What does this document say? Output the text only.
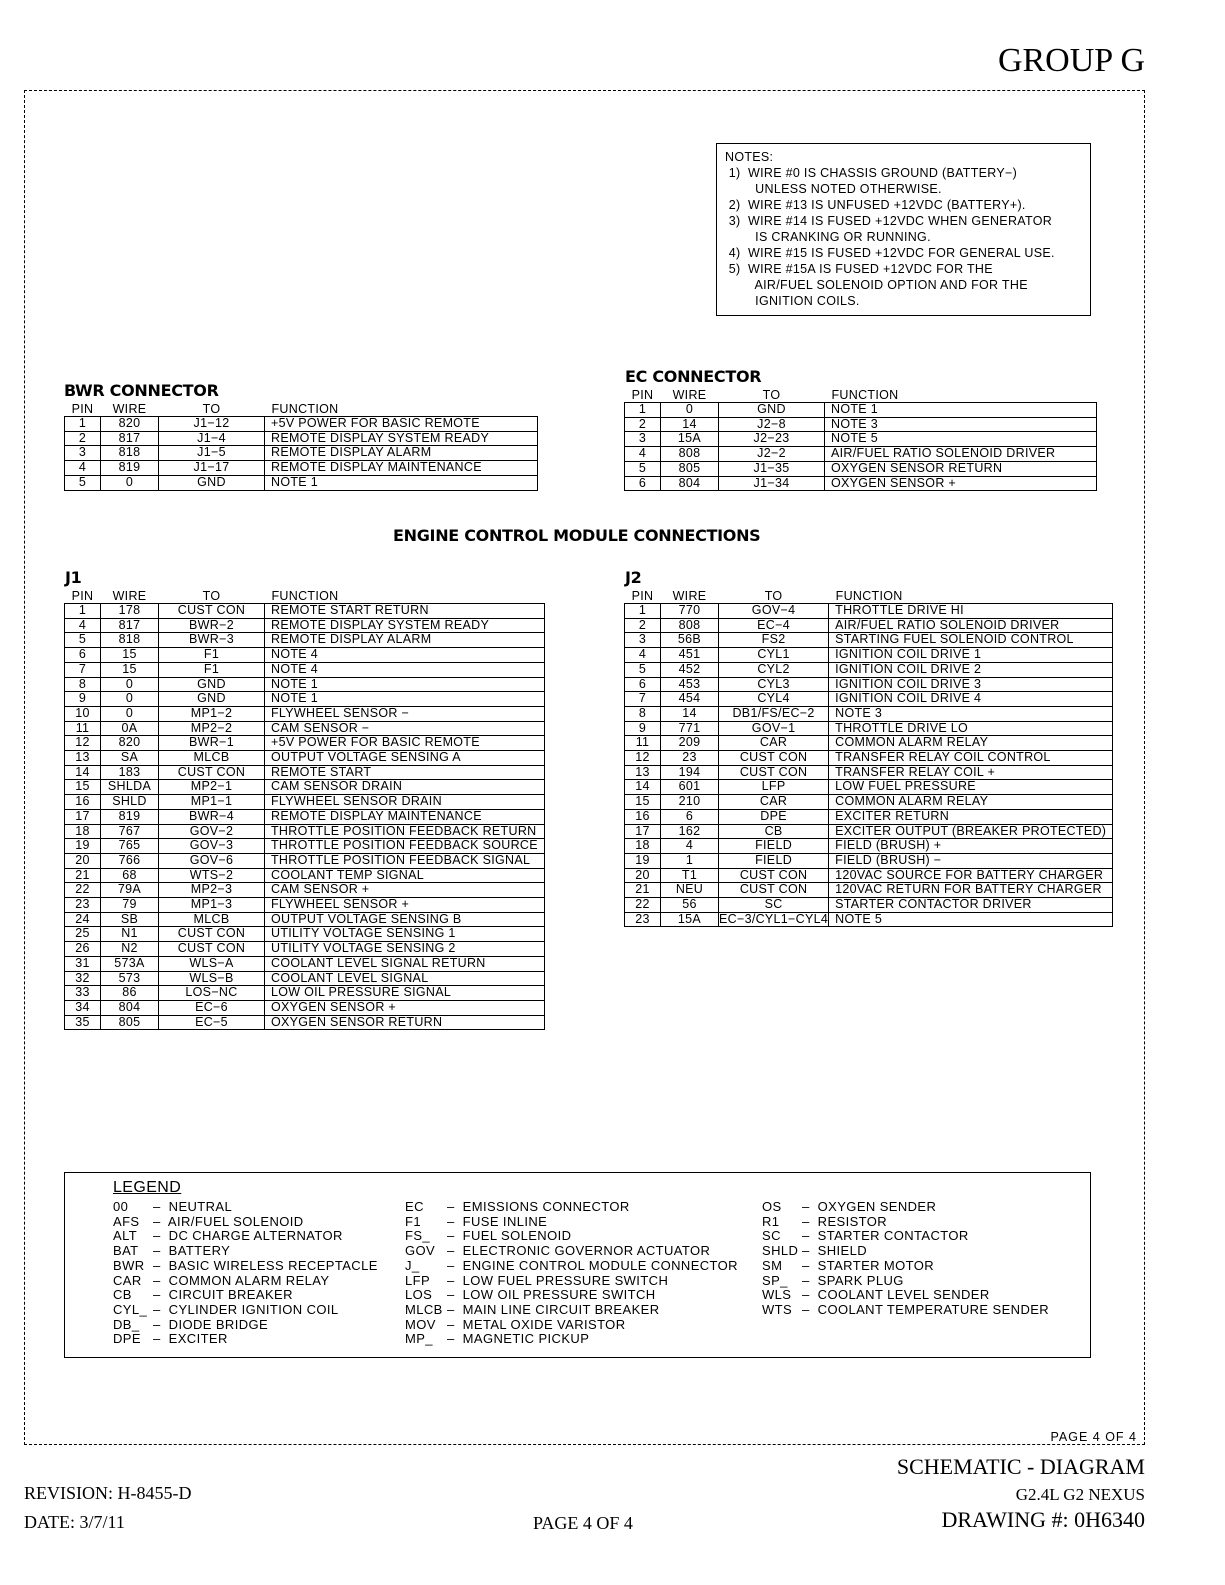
GROUP G
NOTES:
1)  WIRE #0 IS CHASSIS GROUND (BATTERY−)
UNLESS NOTED OTHERWISE.
2)  WIRE #13 IS UNFUSED +12VDC (BATTERY+).
3)  WIRE #14 IS FUSED +12VDC WHEN GENERATOR
IS CRANKING OR RUNNING.
4)  WIRE #15 IS FUSED +12VDC FOR GENERAL USE.
5)  WIRE #15A IS FUSED +12VDC FOR THE
AIR/FUEL SOLENOID OPTION AND FOR THE
IGNITION COILS.
BWR CONNECTOR
PIN	WIRE	TO	FUNCTION
1	820	J1−12	+5V POWER FOR BASIC REMOTE
2	817	J1−4	REMOTE DISPLAY SYSTEM READY
3	818	J1−5	REMOTE DISPLAY ALARM
4	819	J1−17	REMOTE DISPLAY MAINTENANCE
5	0	GND	NOTE 1
EC CONNECTOR
PIN	WIRE	TO	FUNCTION
1	0	GND	NOTE 1
2	14	J2−8	NOTE 3
3	15A	J2−23	NOTE 5
4	808	J2−2	AIR/FUEL RATIO SOLENOID DRIVER
5	805	J1−35	OXYGEN SENSOR RETURN
6	804	J1−34	OXYGEN SENSOR +
ENGINE CONTROL MODULE CONNECTIONS
J1
PIN	WIRE	TO	FUNCTION
1	178	CUST CON	REMOTE START RETURN
4	817	BWR−2	REMOTE DISPLAY SYSTEM READY
5	818	BWR−3	REMOTE DISPLAY ALARM
6	15	F1	NOTE 4
7	15	F1	NOTE 4
8	0	GND	NOTE 1
9	0	GND	NOTE 1
10	0	MP1−2	FLYWHEEL SENSOR −
11	0A	MP2−2	CAM SENSOR −
12	820	BWR−1	+5V POWER FOR BASIC REMOTE
13	SA	MLCB	OUTPUT VOLTAGE SENSING A
14	183	CUST CON	REMOTE START
15	SHLDA	MP2−1	CAM SENSOR DRAIN
16	SHLD	MP1−1	FLYWHEEL SENSOR DRAIN
17	819	BWR−4	REMOTE DISPLAY MAINTENANCE
18	767	GOV−2	THROTTLE POSITION FEEDBACK RETURN
19	765	GOV−3	THROTTLE POSITION FEEDBACK SOURCE
20	766	GOV−6	THROTTLE POSITION FEEDBACK SIGNAL
21	68	WTS−2	COOLANT TEMP SIGNAL
22	79A	MP2−3	CAM SENSOR +
23	79	MP1−3	FLYWHEEL SENSOR +
24	SB	MLCB	OUTPUT VOLTAGE SENSING B
25	N1	CUST CON	UTILITY VOLTAGE SENSING 1
26	N2	CUST CON	UTILITY VOLTAGE SENSING 2
31	573A	WLS−A	COOLANT LEVEL SIGNAL RETURN
32	573	WLS−B	COOLANT LEVEL SIGNAL
33	86	LOS−NC	LOW OIL PRESSURE SIGNAL
34	804	EC−6	OXYGEN SENSOR +
35	805	EC−5	OXYGEN SENSOR RETURN
J2
PIN	WIRE	TO	FUNCTION
1	770	GOV−4	THROTTLE DRIVE HI
2	808	EC−4	AIR/FUEL RATIO SOLENOID DRIVER
3	56B	FS2	STARTING FUEL SOLENOID CONTROL
4	451	CYL1	IGNITION COIL DRIVE 1
5	452	CYL2	IGNITION COIL DRIVE 2
6	453	CYL3	IGNITION COIL DRIVE 3
7	454	CYL4	IGNITION COIL DRIVE 4
8	14	DB1/FS/EC−2	NOTE 3
9	771	GOV−1	THROTTLE DRIVE LO
11	209	CAR	COMMON ALARM RELAY
12	23	CUST CON	TRANSFER RELAY COIL CONTROL
13	194	CUST CON	TRANSFER RELAY COIL +
14	601	LFP	LOW FUEL PRESSURE
15	210	CAR	COMMON ALARM RELAY
16	6	DPE	EXCITER RETURN
17	162	CB	EXCITER OUTPUT (BREAKER PROTECTED)
18	4	FIELD	FIELD (BRUSH) +
19	1	FIELD	FIELD (BRUSH) −
20	T1	CUST CON	120VAC SOURCE FOR BATTERY CHARGER
21	NEU	CUST CON	120VAC RETURN FOR BATTERY CHARGER
22	56	SC	STARTER CONTACTOR DRIVER
23	15A	EC−3/CYL1−CYL4	NOTE 5
LEGEND
00 –  NEUTRAL
AFS –  AIR/FUEL SOLENOID
ALT –  DC CHARGE ALTERNATOR
BAT –  BATTERY
BWR –  BASIC WIRELESS RECEPTACLE
CAR –  COMMON ALARM RELAY
CB –  CIRCUIT BREAKER
CYL_ –  CYLINDER IGNITION COIL
DB_ –  DIODE BRIDGE
DPE –  EXCITER
EC –  EMISSIONS CONNECTOR
F1 –  FUSE INLINE
FS_ –  FUEL SOLENOID
GOV –  ELECTRONIC GOVERNOR ACTUATOR
J_ –  ENGINE CONTROL MODULE CONNECTOR
LFP –  LOW FUEL PRESSURE SWITCH
LOS –  LOW OIL PRESSURE SWITCH
MLCB –  MAIN LINE CIRCUIT BREAKER
MOV –  METAL OXIDE VARISTOR
MP_ –  MAGNETIC PICKUP
OS –  OXYGEN SENDER
R1 –  RESISTOR
SC –  STARTER CONTACTOR
SHLD –  SHIELD
SM –  STARTER MOTOR
SP_ –  SPARK PLUG
WLS –  COOLANT LEVEL SENDER
WTS –  COOLANT TEMPERATURE SENDER
PAGE 4 OF 4
SCHEMATIC - DIAGRAM
REVISION: H-8455-D	G2.4L G2 NEXUS
DATE: 3/7/11	PAGE 4 OF 4	DRAWING #: 0H6340
